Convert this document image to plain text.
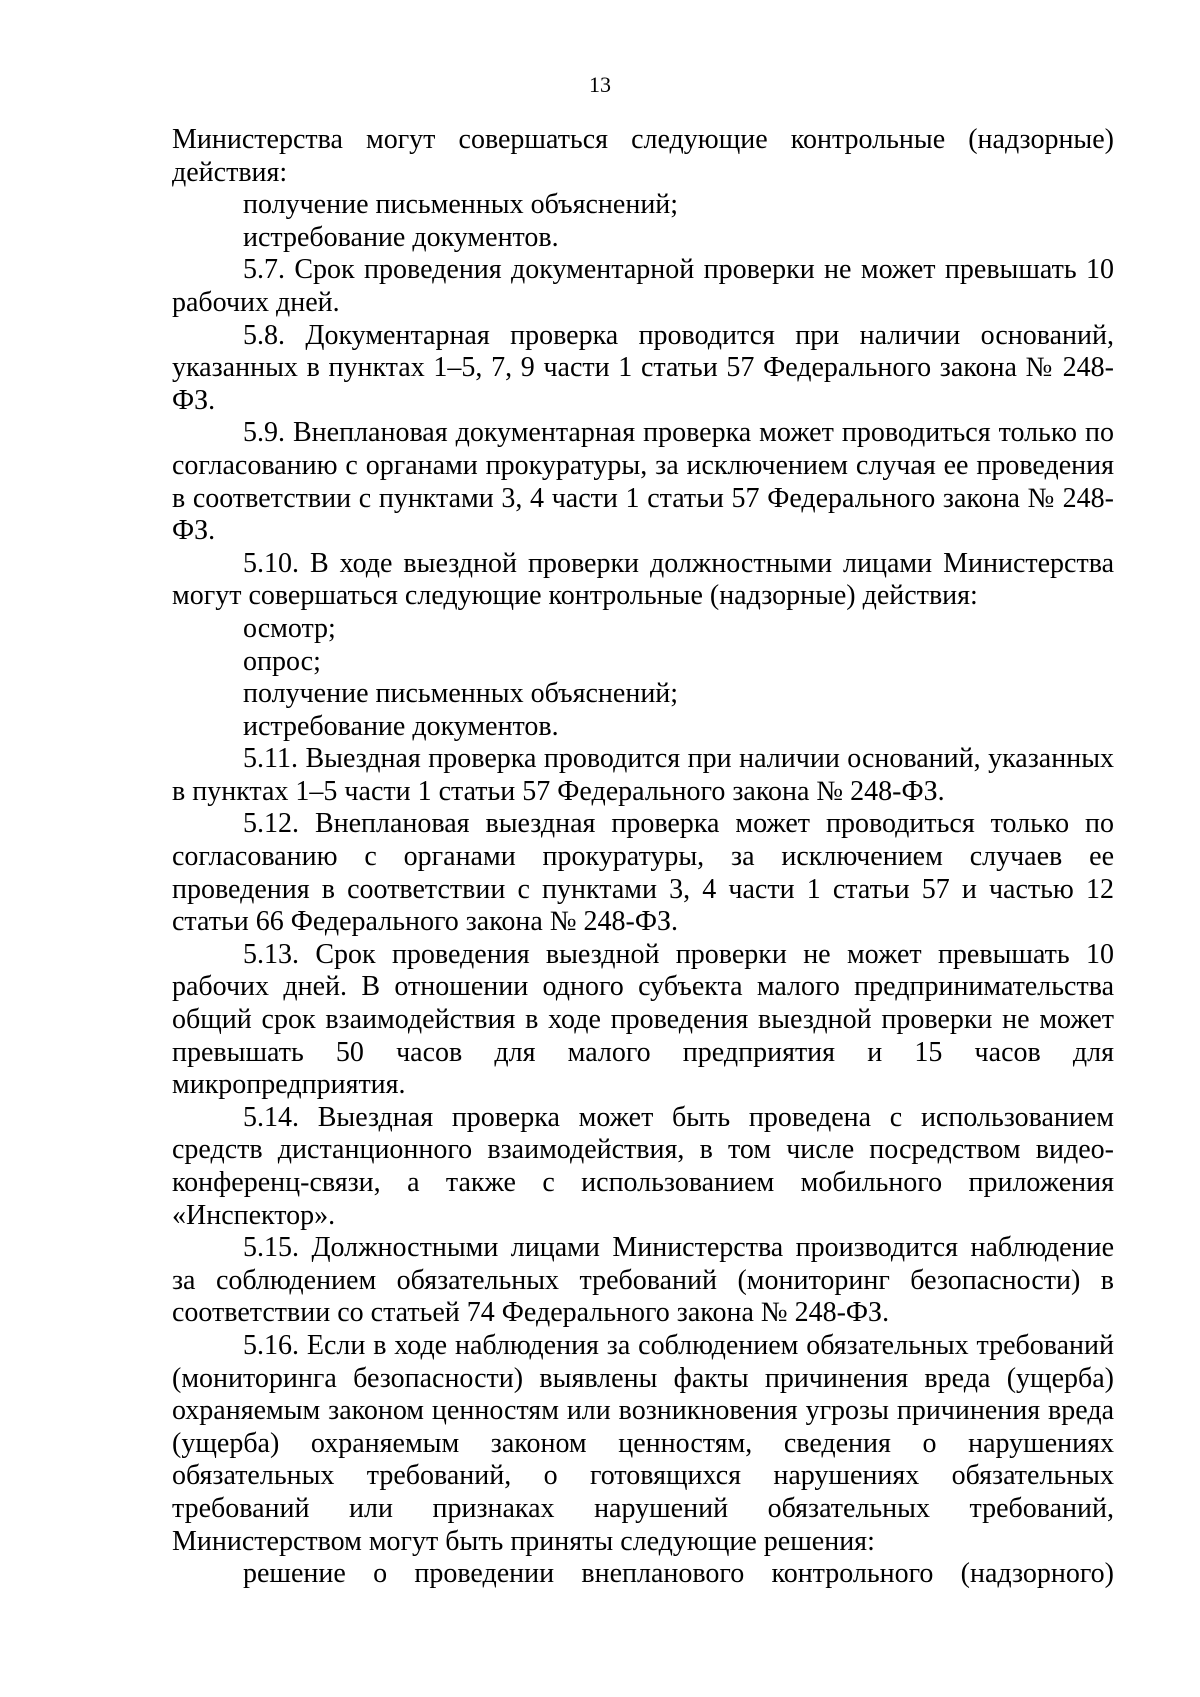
13

Министерства могут совершаться следующие контрольные (надзорные) действия:

получение письменных объяснений;

истребование документов.

5.7. Срок проведения документарной проверки не может превышать 10 рабочих дней.

5.8. Документарная проверка проводится при наличии оснований, указанных в пунктах 1–5, 7, 9 части 1 статьи 57 Федерального закона № 248-ФЗ.

5.9. Внеплановая документарная проверка может проводиться только по согласованию с органами прокуратуры, за исключением случая ее проведения в соответствии с пунктами 3, 4 части 1 статьи 57 Федерального закона № 248-ФЗ.

5.10. В ходе выездной проверки должностными лицами Министерства могут совершаться следующие контрольные (надзорные) действия:

осмотр;

опрос;

получение письменных объяснений;

истребование документов.

5.11. Выездная проверка проводится при наличии оснований, указанных в пунктах 1–5 части 1 статьи 57 Федерального закона № 248-ФЗ.

5.12. Внеплановая выездная проверка может проводиться только по согласованию с органами прокуратуры, за исключением случаев ее проведения в соответствии с пунктами 3, 4 части 1 статьи 57 и частью 12 статьи 66 Федерального закона № 248-ФЗ.

5.13. Срок проведения выездной проверки не может превышать 10 рабочих дней. В отношении одного субъекта малого предпринимательства общий срок взаимодействия в ходе проведения выездной проверки не может превышать 50 часов для малого предприятия и 15 часов для микропредприятия.

5.14. Выездная проверка может быть проведена с использованием средств дистанционного взаимодействия, в том числе посредством видео-конференц-связи, а также с использованием мобильного приложения «Инспектор».

5.15. Должностными лицами Министерства производится наблюдение за соблюдением обязательных требований (мониторинг безопасности) в соответствии со статьей 74 Федерального закона № 248-ФЗ.

5.16. Если в ходе наблюдения за соблюдением обязательных требований (мониторинга безопасности) выявлены факты причинения вреда (ущерба) охраняемым законом ценностям или возникновения угрозы причинения вреда (ущерба) охраняемым законом ценностям, сведения о нарушениях обязательных требований, о готовящихся нарушениях обязательных требований или признаках нарушений обязательных требований, Министерством могут быть приняты следующие решения:

решение о проведении внепланового контрольного (надзорного)
